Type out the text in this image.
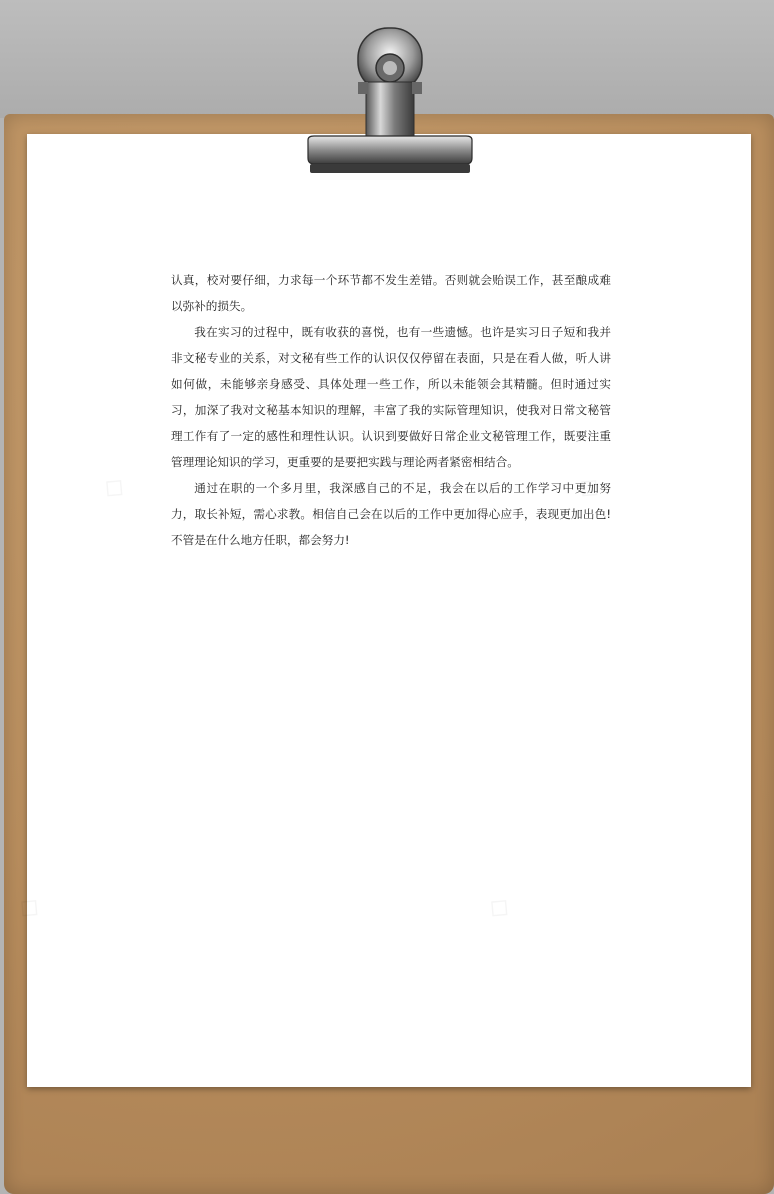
认真，校对要仔细，力求每一个环节都不发生差错。否则就会贻误工作，甚至酿成难以弥补的损失。

我在实习的过程中，既有收获的喜悦，也有一些遗憾。也许是实习日子短和我并非文秘专业的关系，对文秘有些工作的认识仅仅停留在表面，只是在看人做，听人讲如何做，未能够亲身感受、具体处理一些工作，所以未能领会其精髓。但时通过实习，加深了我对文秘基本知识的理解，丰富了我的实际管理知识，使我对日常文秘管理工作有了一定的感性和理性认识。认识到要做好日常企业文秘管理工作，既要注重管理理论知识的学习，更重要的是要把实践与理论两者紧密相结合。

通过在职的一个多月里，我深感自己的不足，我会在以后的工作学习中更加努力，取长补短，需心求教。相信自己会在以后的工作中更加得心应手，表现更加出色!不管是在什么地方任职，都会努力!
